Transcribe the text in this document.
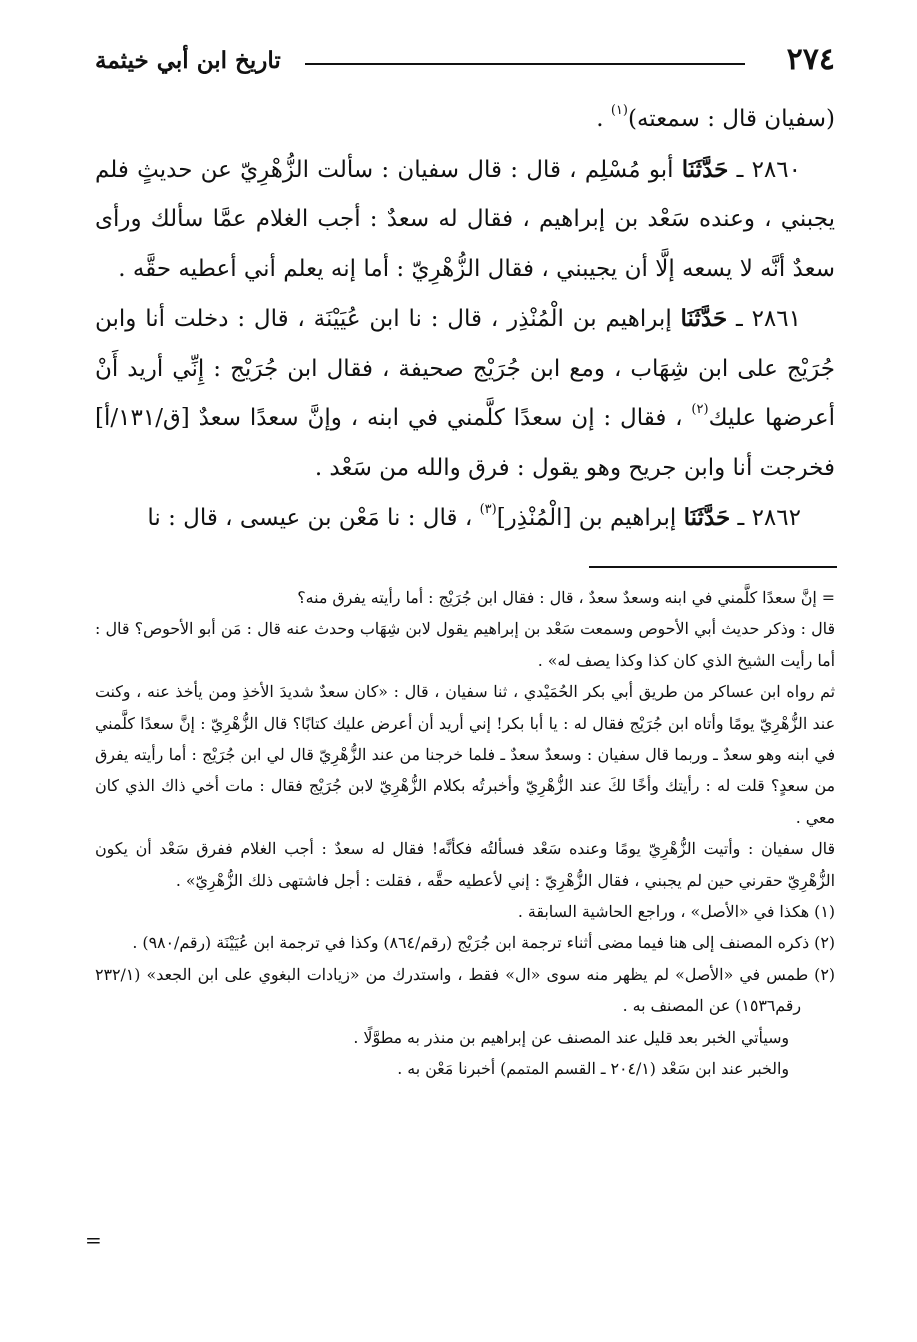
٢٧٤
تاريخ ابن أبي خيثمة

(سفيان قال : سمعته)$^{(١)}$ .

٢٨٦٠ ـ حَدَّثَنَا أبو مُسْلِم ، قال : قال سفيان : سألت الزُّهْرِيّ عن حديثٍ فلم يجبني ، وعنده سَعْد بن إبراهيم ، فقال له سعدٌ : أجب الغلام عمَّا سألك ورأى سعدٌ أنَّه لا يسعه إلَّا أن يجيبني ، فقال الزُّهْرِيّ : أما إنه يعلم أني أعطيه حقَّه .

٢٨٦١ ـ حَدَّثَنَا إبراهيم بن الْمُنْذِر ، قال : نا ابن عُيَيْنَة ، قال : دخلت أنا وابن جُرَيْج على ابن شِهَاب ، ومع ابن جُرَيْج صحيفة ، فقال ابن جُرَيْج : إِنِّي أريد أَنْ أعرضها عليك$^{(٢)}$ ، فقال : إن سعدًا كلَّمني في ابنه ، وإنَّ سعدًا سعدٌ [ق/١٣١/أ] فخرجت أنا وابن جريح وهو يقول : فرق والله من سَعْد .

٢٨٦٢ ـ حَدَّثَنَا إبراهيم بن [الْمُنْذِر]$^{(٣)}$ ، قال : نا مَعْن بن عيسى ، قال : نا

= إنَّ سعدًا كلَّمني في ابنه وسعدٌ سعدٌ ، قال : فقال ابن جُرَيْج : أما رأيته يفرق منه؟

قال : وذكر حديث أبي الأحوص وسمعت سَعْد بن إبراهيم يقول لابن شِهَاب وحدث عنه قال : مَن أبو الأحوص؟ قال : أما رأيت الشيخ الذي كان كذا وكذا يصف له» .

ثم رواه ابن عساكر من طريق أبي بكر الحُمَيْدي ، ثنا سفيان ، قال : «كان سعدٌ شديدَ الأخذِ ومن يأخذ عنه ، وكنت عند الزُّهْرِيّ يومًا وأتاه ابن جُرَيْج فقال له : يا أبا بكر! إني أريد أن أعرض عليك كتابًا؟ قال الزُّهْرِيّ : إنَّ سعدًا كلَّمني في ابنه وهو سعدٌ ـ وربما قال سفيان : وسعدٌ سعدٌ ـ فلما خرجنا من عند الزُّهْرِيّ قال لي ابن جُرَيْج : أما رأيته يفرق من سعدٍ؟ قلت له : رأيتك وأخًا لكَ عند الزُّهْرِيّ وأخبرتُه بكلام الزُّهْرِيّ لابن جُرَيْج فقال : مات أخي ذاك الذي كان معي .

قال سفيان : وأتيت الزُّهْرِيّ يومًا وعنده سَعْد فسألتُه فكأنَّه! فقال له سعدٌ : أجب الغلام ففرق سَعْد أن يكون الزُّهْرِيّ حقرني حين لم يجبني ، فقال الزُّهْرِيّ : إني لأعطيه حقَّه ، فقلت : أجل فاشتهى ذلك الزُّهْرِيّ» .

(١) هكذا في «الأصل» ، وراجع الحاشية السابقة .

(٢) ذكره المصنف إلى هنا فيما مضى أثناء ترجمة ابن جُرَيْج (رقم/٨٦٤) وكذا في ترجمة ابن عُيَيْنَة (رقم/٩٨٠) .

(٢) طمس في «الأصل» لم يظهر منه سوى «ال» فقط ، واستدرك من «زيادات البغوي على ابن الجعد» (٢٣٢/١ رقم١٥٣٦) عن المصنف به .

وسيأتي الخبر بعد قليل عند المصنف عن إبراهيم بن منذر به مطوَّلًا .

والخبر عند ابن سَعْد (٢٠٤/١ ـ القسم المتمم) أخبرنا مَعْن به .

=
